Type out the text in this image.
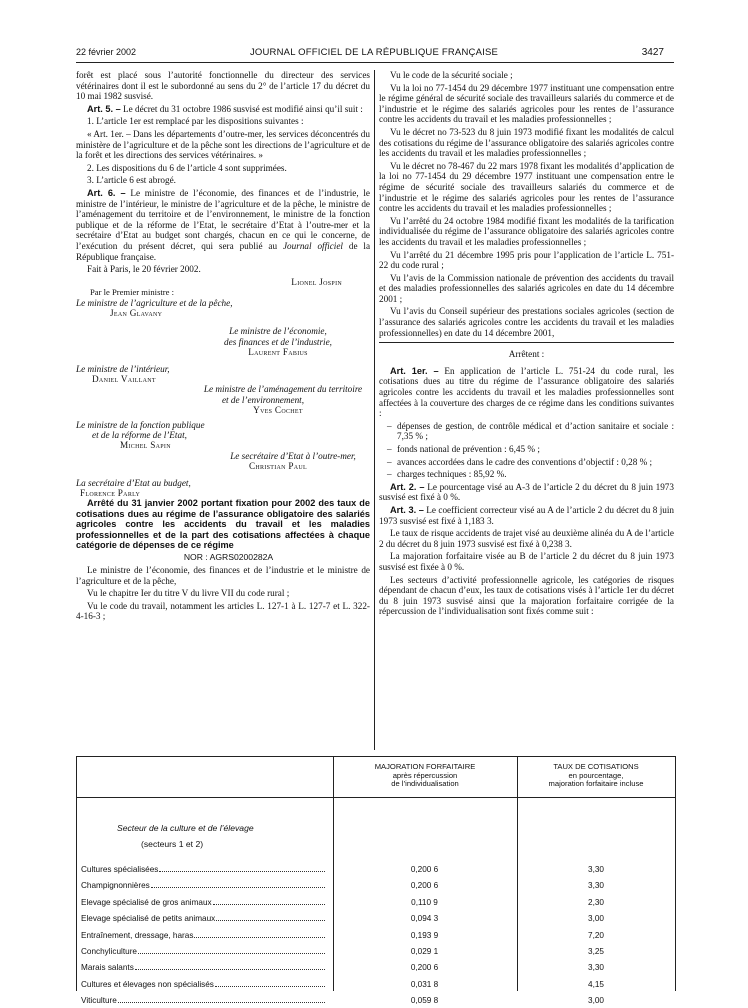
22 février 2002	JOURNAL OFFICIEL DE LA RÉPUBLIQUE FRANÇAISE	3427

forêt est placé sous l’autorité fonctionnelle du directeur des services vétérinaires dont il est le subordonné au sens du 2° de l’article 17 du décret du 10 mai 1982 susvisé.

Art. 5. – Le décret du 31 octobre 1986 susvisé est modifié ainsi qu’il suit :

1. L’article 1er est remplacé par les dispositions suivantes :

« Art. 1er. – Dans les départements d’outre-mer, les services déconcentrés du ministère de l’agriculture et de la pêche sont les directions de l’agriculture et de la forêt et les directions des services vétérinaires. »

2. Les dispositions du 6 de l’article 4 sont supprimées.

3. L’article 6 est abrogé.

Art. 6. – Le ministre de l’économie, des finances et de l’industrie, le ministre de l’intérieur, le ministre de l’agriculture et de la pêche, le ministre de l’aménagement du territoire et de l’environnement, le ministre de la fonction publique et de la réforme de l’Etat, le secrétaire d’Etat à l’outre-mer et la secrétaire d’Etat au budget sont chargés, chacun en ce qui le concerne, de l’exécution du présent décret, qui sera publié au Journal officiel de la République française.

Fait à Paris, le 20 février 2002.

Lionel Jospin
Par le Premier ministre :
Le ministre de l’agriculture et de la pêche,
Jean Glavany
Le ministre de l’économie,
des finances et de l’industrie,
Laurent Fabius
Le ministre de l’intérieur,
Daniel Vaillant
Le ministre de l’aménagement du territoire
et de l’environnement,
Yves Cochet
Le ministre de la fonction publique
et de la réforme de l’Etat,
Michel Sapin
Le secrétaire d’Etat à l’outre-mer,
Christian Paul
La secrétaire d’Etat au budget,
Florence Parly

Arrêté du 31 janvier 2002 portant fixation pour 2002 des taux de cotisations dues au régime de l’assurance obligatoire des salariés agricoles contre les accidents du travail et les maladies professionnelles et de la part des cotisations affectées à chaque catégorie de dépenses de ce régime

NOR : AGRS0200282A

Le ministre de l’économie, des finances et de l’industrie et le ministre de l’agriculture et de la pêche,

Vu le chapitre Ier du titre V du livre VII du code rural ;

Vu le code du travail, notamment les articles L. 127-1 à L. 127-7 et L. 322-4-16-3 ;

Vu le code de la sécurité sociale ;

Vu la loi no 77-1454 du 29 décembre 1977 instituant une compensation entre le régime général de sécurité sociale des travailleurs salariés du commerce et de l’industrie et le régime des salariés agricoles pour les rentes de l’assurance contre les accidents du travail et les maladies professionnelles ;

Vu le décret no 73-523 du 8 juin 1973 modifié fixant les modalités de calcul des cotisations du régime de l’assurance obligatoire des salariés agricoles contre les accidents du travail et les maladies professionnelles ;

Vu le décret no 78-467 du 22 mars 1978 fixant les modalités d’application de la loi no 77-1454 du 29 décembre 1977 instituant une compensation entre le régime de sécurité sociale des travailleurs salariés du commerce et de l’industrie et le régime des salariés agricoles pour les rentes de l’assurance contre les accidents du travail et les maladies professionnelles ;

Vu l’arrêté du 24 octobre 1984 modifié fixant les modalités de la tarification individualisée du régime de l’assurance obligatoire des salariés agricoles contre les accidents du travail et les maladies professionnelles ;

Vu l’arrêté du 21 décembre 1995 pris pour l’application de l’article L. 751-22 du code rural ;

Vu l’avis de la Commission nationale de prévention des accidents du travail et des maladies professionnelles des salariés agricoles en date du 14 décembre 2001 ;

Vu l’avis du Conseil supérieur des prestations sociales agricoles (section de l’assurance des salariés agricoles contre les accidents du travail et les maladies professionnelles) en date du 14 décembre 2001,

Arrêtent :

Art. 1er. – En application de l’article L. 751-24 du code rural, les cotisations dues au titre du régime de l’assurance obligatoire des salariés agricoles contre les accidents du travail et les maladies professionnelles sont affectées à la couverture des charges de ce régime dans les conditions suivantes :

– dépenses de gestion, de contrôle médical et d’action sanitaire et sociale : 7,35 % ;
– fonds national de prévention : 6,45 % ;
– avances accordées dans le cadre des conventions d’objectif : 0,28 % ;
– charges techniques : 85,92 %.

Art. 2. – Le pourcentage visé au A-3 de l’article 2 du décret du 8 juin 1973 susvisé est fixé à 0 %.

Art. 3. – Le coefficient correcteur visé au A de l’article 2 du décret du 8 juin 1973 susvisé est fixé à 1,183 3.

Le taux de risque accidents de trajet visé au deuxième alinéa du A de l’article 2 du décret du 8 juin 1973 susvisé est fixé à 0,238 3.

La majoration forfaitaire visée au B de l’article 2 du décret du 8 juin 1973 susvisé est fixée à 0 %.

Les secteurs d’activité professionnelle agricole, les catégories de risques dépendant de chacun d’eux, les taux de cotisations visés à l’article 1er du décret du 8 juin 1973 susvisé ainsi que la majoration forfaitaire corrigée de la répercussion de l’individualisation sont fixés comme suit :

MAJORATION FORFAITAIRE
après répercussion
de l’individualisation
TAUX DE COTISATIONS
en pourcentage,
majoration forfaitaire incluse
Secteur de la culture et de l’élevage
(secteurs 1 et 2)
Cultures spécialisées	0,200 6	3,30
Champignonnières	0,200 6	3,30
Elevage spécialisé de gros animaux	0,110 9	2,30
Elevage spécialisé de petits animaux	0,094 3	3,00
Entraînement, dressage, haras	0,193 9	7,20
Conchyliculture	0,029 1	3,25
Marais salants	0,200 6	3,30
Cultures et élevages non spécialisés	0,031 8	4,15
Viticulture	0,059 8	3,00
